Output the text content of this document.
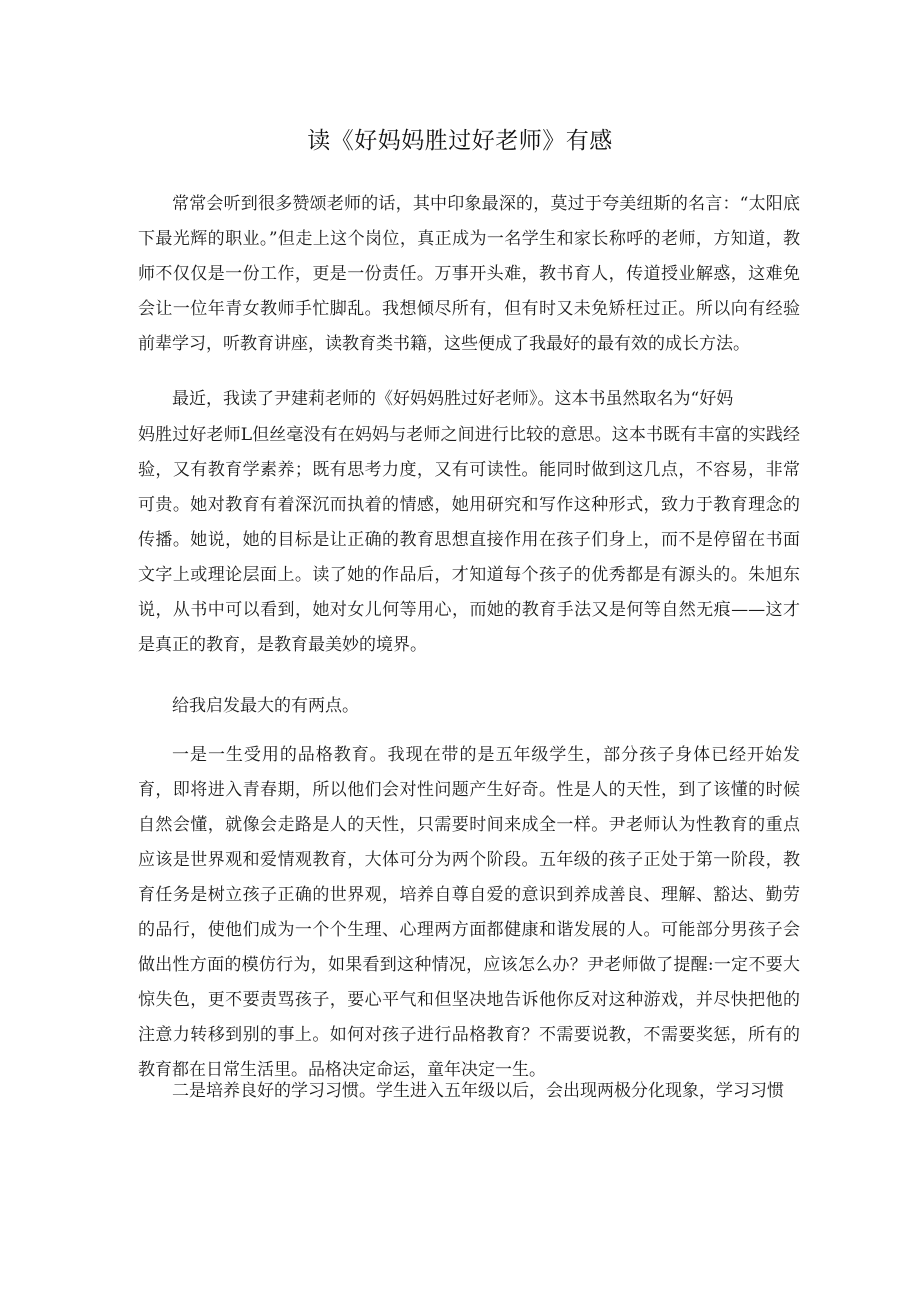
读《好妈妈胜过好老师》有感

常常会听到很多赞颂老师的话，其中印象最深的，莫过于夸美纽斯的名言：“太阳底下最光辉的职业。”但走上这个岗位，真正成为一名学生和家长称呼的老师，方知道，教师不仅仅是一份工作，更是一份责任。万事开头难，教书育人，传道授业解惑，这难免会让一位年青女教师手忙脚乱。我想倾尽所有，但有时又未免矫枉过正。所以向有经验前辈学习，听教育讲座，读教育类书籍，这些便成了我最好的最有效的成长方法。

最近，我读了尹建莉老师的《好妈妈胜过好老师》。这本书虽然取名为“好妈

妈胜过好老师L但丝毫没有在妈妈与老师之间进行比较的意思。这本书既有丰富的实践经验，又有教育学素养；既有思考力度，又有可读性。能同时做到这几点，不容易，非常可贵。她对教育有着深沉而执着的情感，她用研究和写作这种形式，致力于教育理念的传播。她说，她的目标是让正确的教育思想直接作用在孩子们身上，而不是停留在书面文字上或理论层面上。读了她的作品后，才知道每个孩子的优秀都是有源头的。朱旭东说，从书中可以看到，她对女儿何等用心，而她的教育手法又是何等自然无痕——这才是真正的教育，是教育最美妙的境界。

给我启发最大的有两点。

一是一生受用的品格教育。我现在带的是五年级学生，部分孩子身体已经开始发育，即将进入青春期，所以他们会对性问题产生好奇。性是人的天性，到了该懂的时候自然会懂，就像会走路是人的天性，只需要时间来成全一样。尹老师认为性教育的重点应该是世界观和爱情观教育，大体可分为两个阶段。五年级的孩子正处于第一阶段，教育任务是树立孩子正确的世界观，培养自尊自爱的意识到养成善良、理解、豁达、勤劳的品行，使他们成为一个个生理、心理两方面都健康和谐发展的人。可能部分男孩子会做出性方面的模仿行为，如果看到这种情况，应该怎么办？尹老师做了提醒:一定不要大惊失色，更不要责骂孩子，要心平气和但坚决地告诉他你反对这种游戏，并尽快把他的注意力转移到别的事上。如何对孩子进行品格教育？不需要说教，不需要奖惩，所有的教育都在日常生活里。品格决定命运，童年决定一生。

二是培养良好的学习习惯。学生进入五年级以后，会出现两极分化现象，学习习惯
